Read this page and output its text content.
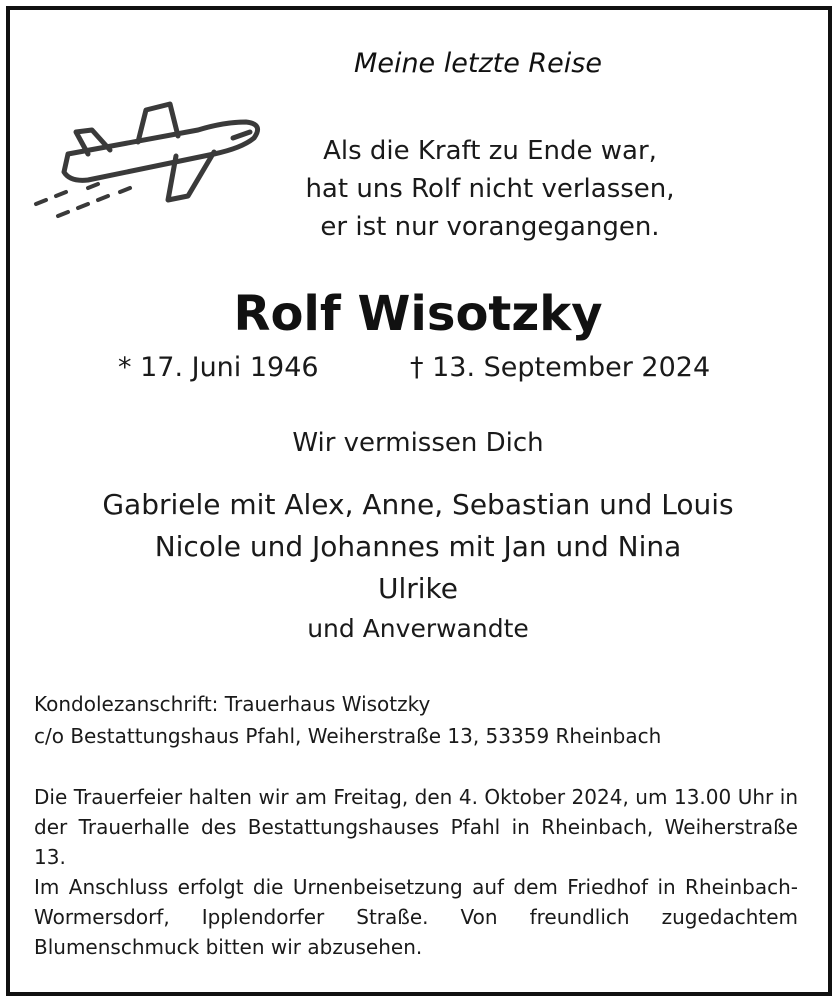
Meine letzte Reise
Als die Kraft zu Ende war,
hat uns Rolf nicht verlassen,
er ist nur vorangegangen.
Rolf Wisotzky
* 17. Juni 1946	† 13. September 2024
Wir vermissen Dich
Gabriele mit Alex, Anne, Sebastian und Louis
Nicole und Johannes mit Jan und Nina
Ulrike
und Anverwandte
Kondolezanschrift: Trauerhaus Wisotzky
c/o Bestattungshaus Pfahl, Weiherstraße 13, 53359 Rheinbach

Die Trauerfeier halten wir am Freitag, den 4. Oktober 2024, um 13.00 Uhr in der Trauerhalle des Bestattungshauses Pfahl in Rheinbach, Weiherstraße 13.

Im Anschluss erfolgt die Urnenbeisetzung auf dem Friedhof in Rheinbach-Wormersdorf, Ipplendorfer Straße. Von freundlich zugedachtem Blumenschmuck bitten wir abzusehen.
